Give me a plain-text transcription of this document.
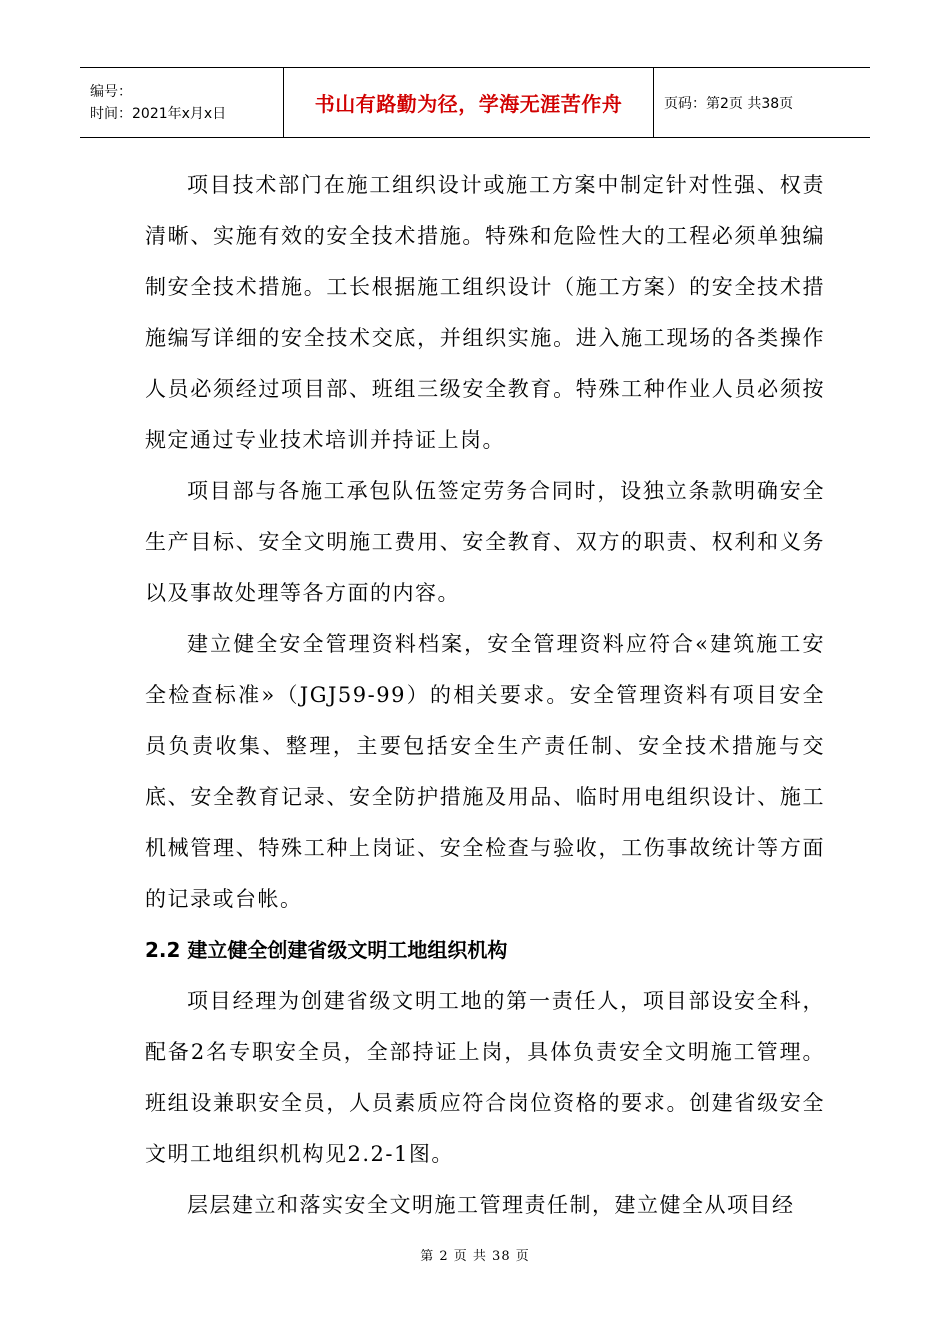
编号：
时间：2021年x月x日	书山有路勤为径，学海无涯苦作舟	页码：第2页 共38页

项目技术部门在施工组织设计或施工方案中制定针对性强、权责清晰、实施有效的安全技术措施。特殊和危险性大的工程必须单独编制安全技术措施。工长根据施工组织设计（施工方案）的安全技术措施编写详细的安全技术交底，并组织实施。进入施工现场的各类操作人员必须经过项目部、班组三级安全教育。特殊工种作业人员必须按规定通过专业技术培训并持证上岗。

项目部与各施工承包队伍签定劳务合同时，设独立条款明确安全生产目标、安全文明施工费用、安全教育、双方的职责、权利和义务以及事故处理等各方面的内容。

建立健全安全管理资料档案，安全管理资料应符合«建筑施工安全检查标准»（JGJ59-99）的相关要求。安全管理资料有项目安全员负责收集、整理，主要包括安全生产责任制、安全技术措施与交底、安全教育记录、安全防护措施及用品、临时用电组织设计、施工机械管理、特殊工种上岗证、安全检查与验收，工伤事故统计等方面的记录或台帐。

2.2 建立健全创建省级文明工地组织机构

项目经理为创建省级文明工地的第一责任人，项目部设安全科，配备2名专职安全员，全部持证上岗，具体负责安全文明施工管理。班组设兼职安全员，人员素质应符合岗位资格的要求。创建省级安全文明工地组织机构见2.2-1图。

层层建立和落实安全文明施工管理责任制，建立健全从项目经

第 2 页 共 38 页
